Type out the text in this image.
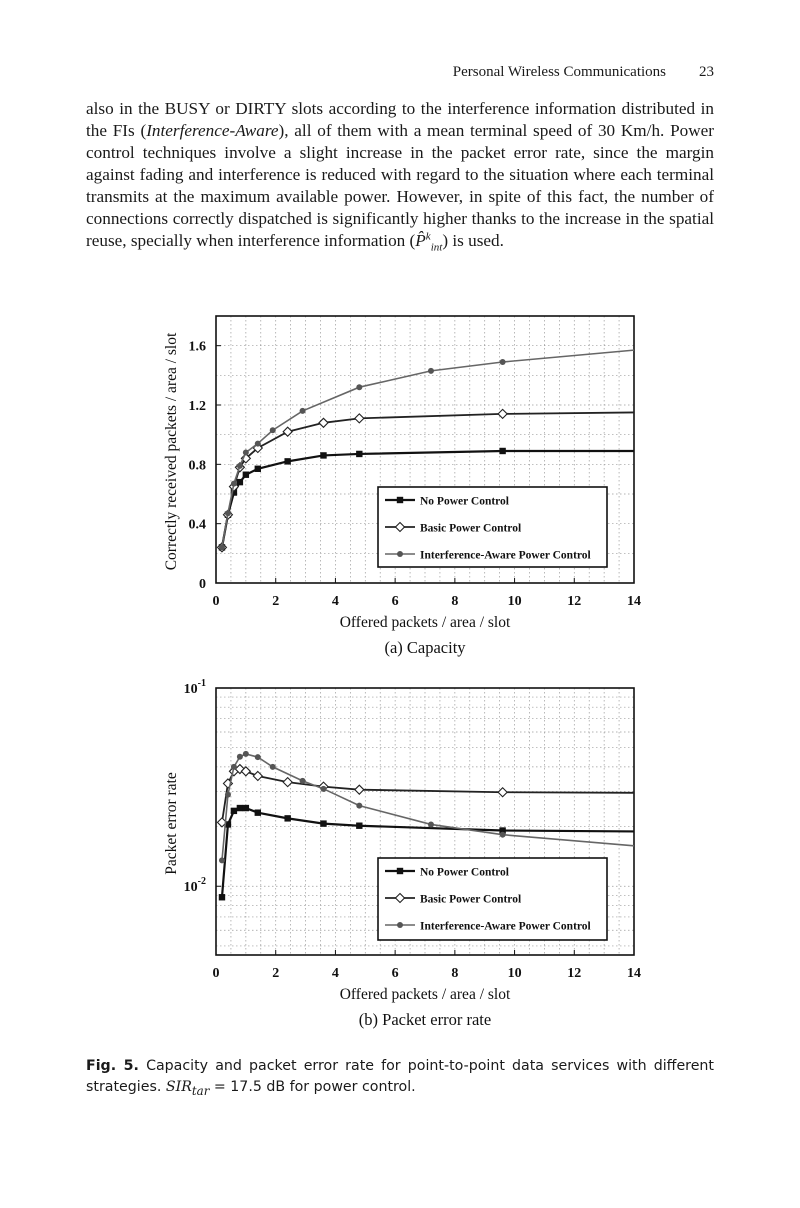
Personal Wireless Communications 23

also in the BUSY or DIRTY slots according to the interference information distributed in the FIs (Interference-Aware), all of them with a mean terminal speed of 30 Km/h. Power control techniques involve a slight increase in the packet error rate, since the margin against fading and interference is reduced with regard to the situation where each terminal transmits at the maximum available power. However, in spite of this fact, the number of connections correctly dispatched is significantly higher thanks to the increase in the spatial reuse, specially when interference information (P̂$^k_{int}$) is used.

0	2	4	6	8	10	12	14
0
0.4
0.8
1.2
1.6
Offered packets / area / slot
Correctly received packets / area / slot
(a) Capacity
No Power Control
Basic Power Control
Interference-Aware Power Control
0	2	4	6	8	10	12	14
$10^{-1}$
$10^{-2}$
Offered packets / area / slot
Packet error rate
(b) Packet error rate
No Power Control
Basic Power Control
Interference-Aware Power Control

Fig. 5. Capacity and packet error rate for point-to-point data services with different strategies. $SIR_{tar} = 17.5$ dB for power control.
